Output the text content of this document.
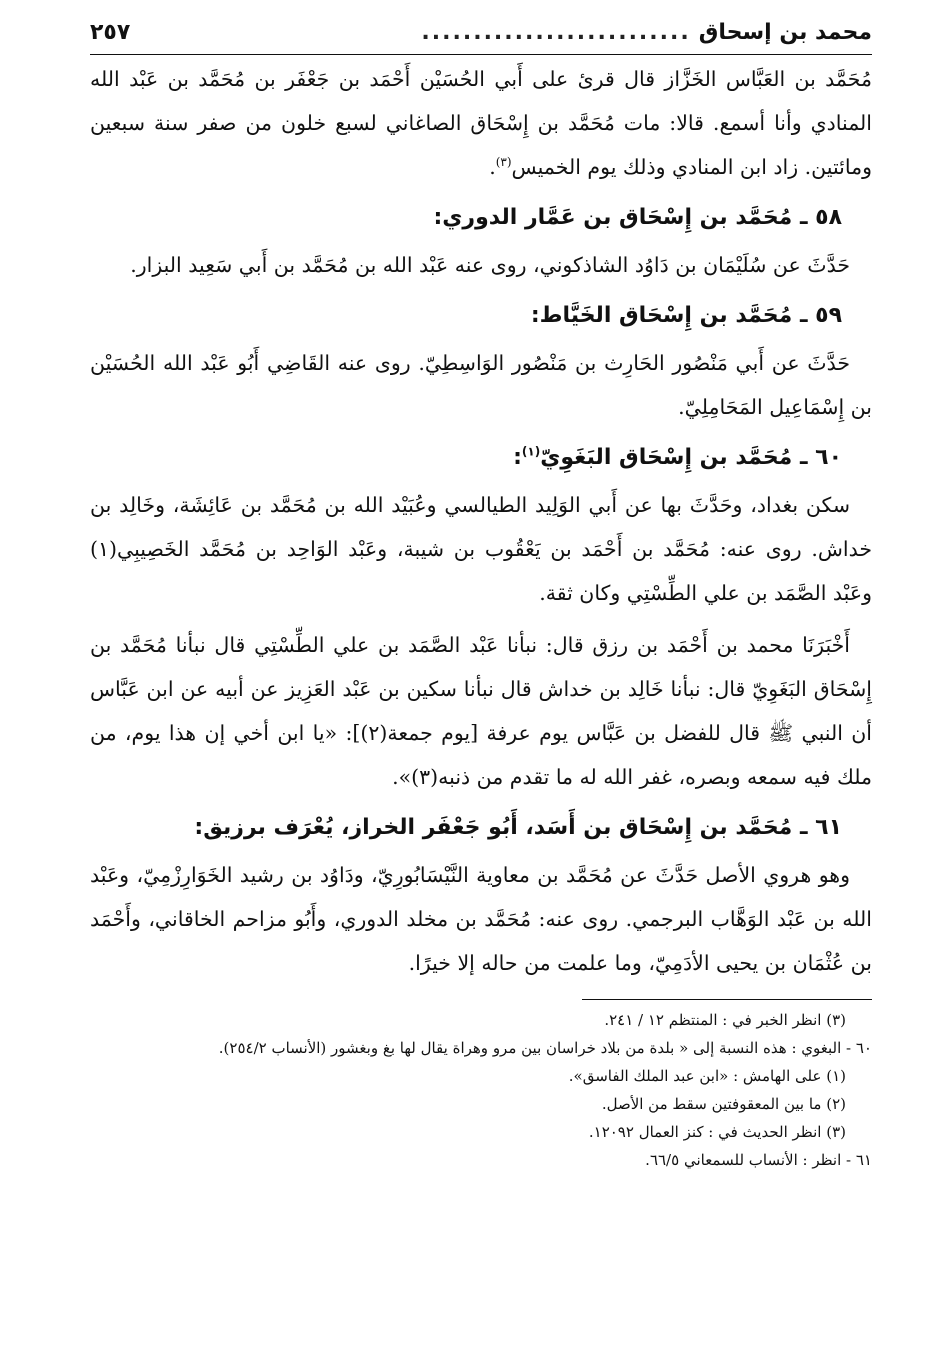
محمد بن إسحاق
..........................
٢٥٧

مُحَمَّد بن العَبَّاس الخَزَّاز قال قرئ على أَبي الحُسَيْن أَحْمَد بن جَعْفَر بن مُحَمَّد بن عَبْد الله المنادي وأنا أسمع. قالا: مات مُحَمَّد بن إِسْحَاق الصاغاني لسبع خلون من صفر سنة سبعين ومائتين. زاد ابن المنادي وذلك يوم الخميس$^{(٣)}$.

٥٨ ـ مُحَمَّد بن إِسْحَاق بن عَمَّار الدوري:

حَدَّثَ عن سُلَيْمَان بن دَاوُد الشاذكوني، روى عنه عَبْد الله بن مُحَمَّد بن أَبي سَعِيد البزار.

٥٩ ـ مُحَمَّد بن إِسْحَاق الخَيَّاط:

حَدَّثَ عن أَبي مَنْصُور الحَارِث بن مَنْصُور الوَاسِطِيّ. روى عنه القَاضِي أَبُو عَبْد الله الحُسَيْن بن إِسْمَاعِيل المَحَامِلِيّ.

٦٠ ـ مُحَمَّد بن إِسْحَاق البَغَوِيّ$^{(١)}$:

سكن بغداد، وحَدَّثَ بها عن أَبي الوَلِيد الطيالسي وعُبَيْد الله بن مُحَمَّد بن عَائِشَة، وخَالِد بن خداش. روى عنه: مُحَمَّد بن أَحْمَد بن يَعْقُوب بن شيبة، وعَبْد الوَاحِد بن مُحَمَّد الخَصِيبِي(١) وعَبْد الصَّمَد بن علي الطِّسْتِي وكان ثقة.

أَخْبَرَنَا محمد بن أَحْمَد بن رزق قال: نبأنا عَبْد الصَّمَد بن علي الطِّسْتِي قال نبأنا مُحَمَّد بن إِسْحَاق البَغَوِيّ قال: نبأنا خَالِد بن خداش قال نبأنا سكين بن عَبْد العَزِيز عن أبيه عن ابن عَبَّاس أن النبي ﷺ قال للفضل بن عَبَّاس يوم عرفة [يوم جمعة(٢)]: «يا ابن أخي إن هذا يوم، من ملك فيه سمعه وبصره، غفر الله له ما تقدم من ذنبه(٣)».

٦١ ـ مُحَمَّد بن إِسْحَاق بن أَسَد، أَبُو جَعْفَر الخراز، يُعْرَف برزيق:

وهو هروي الأصل حَدَّثَ عن مُحَمَّد بن معاوية النَّيْسَابُورِيّ، ودَاوُد بن رشيد الخَوَارِزْمِيّ، وعَبْد الله بن عَبْد الوَهَّاب البرجمي. روى عنه: مُحَمَّد بن مخلد الدوري، وأَبُو مزاحم الخاقاني، وأَحْمَد بن عُثْمَان بن يحيى الأدَمِيّ، وما علمت من حاله إلا خيرًا.

(٣) انظر الخبر في : المنتظم ١٢ / ٢٤١.

٦٠ - البغوي : هذه النسبة إلى « بلدة من بلاد خراسان بين مرو وهراة يقال لها بغ وبغشور (الأنساب ٢٥٤/٢).

(١) على الهامش : «ابن عبد الملك الفاسق».

(٢) ما بين المعقوفتين سقط من الأصل.

(٣) انظر الحديث في : كنز العمال ١٢٠٩٢.

٦١ - انظر : الأنساب للسمعاني ٦٦/٥.
